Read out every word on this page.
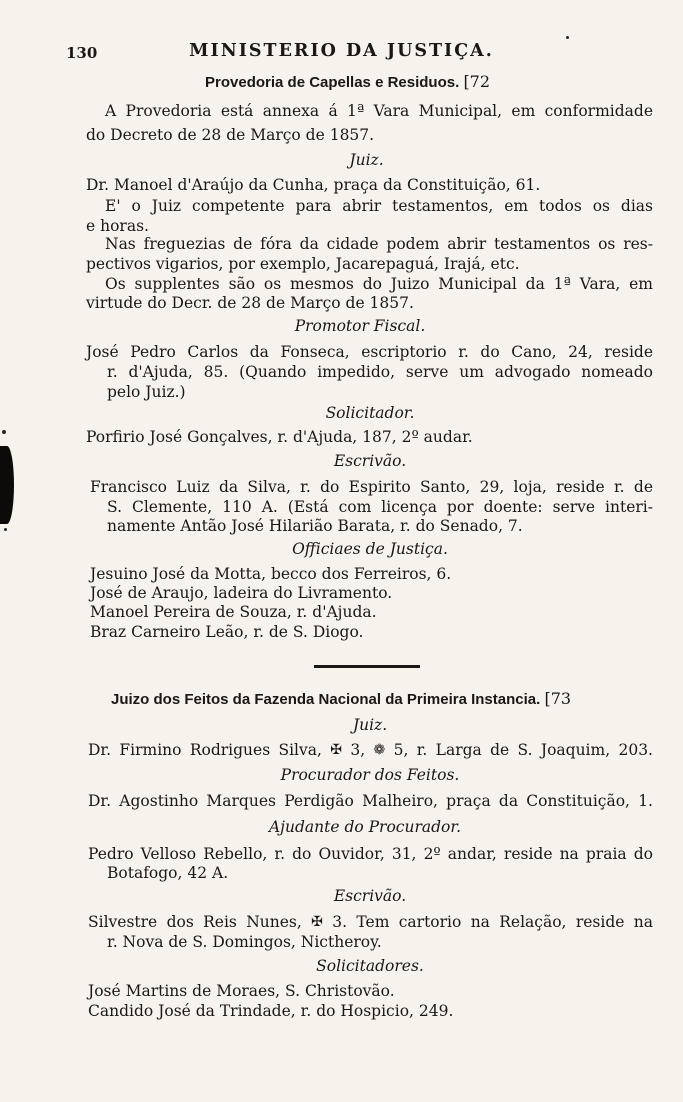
130	MINISTERIO DA JUSTIÇA.
Provedoria de Capellas e Residuos. [72
A Provedoria está annexa á 1ª Vara Municipal, em conformidade
do Decreto de 28 de Março de 1857.
Juiz.
Dr. Manoel d'Araújo da Cunha, praça da Constituição, 61.
E' o Juiz competente para abrir testamentos, em todos os dias
e horas.
Nas freguezias de fóra da cidade podem abrir testamentos os res-
pectivos vigarios, por exemplo, Jacarepaguá, Irajá, etc.
Os supplentes são os mesmos do Juizo Municipal da 1ª Vara, em
virtude do Decr. de 28 de Março de 1857.
Promotor Fiscal.
José Pedro Carlos da Fonseca, escriptorio r. do Cano, 24, reside
r. d'Ajuda, 85. (Quando impedido, serve um advogado nomeado
pelo Juiz.)
Solicitador.
Porfirio José Gonçalves, r. d'Ajuda, 187, 2º audar.
Escrivão.
Francisco Luiz da Silva, r. do Espirito Santo, 29, loja, reside r. de
S. Clemente, 110 A. (Está com licença por doente: serve interi-
namente Antão José Hilarião Barata, r. do Senado, 7.
Officiaes de Justiça.
Jesuino José da Motta, becco dos Ferreiros, 6.
José de Araujo, ladeira do Livramento.
Manoel Pereira de Souza, r. d'Ajuda.
Braz Carneiro Leão, r. de S. Diogo.
Juizo dos Feitos da Fazenda Nacional da Primeira Instancia. [73
Juiz.
Dr. Firmino Rodrigues Silva, ✠ 3, ❁ 5, r. Larga de S. Joaquim, 203.
Procurador dos Feitos.
Dr. Agostinho Marques Perdigão Malheiro, praça da Constituição, 1.
Ajudante do Procurador.
Pedro Velloso Rebello, r. do Ouvidor, 31, 2º andar, reside na praia do
Botafogo, 42 A.
Escrivão.
Silvestre dos Reis Nunes, ✠ 3. Tem cartorio na Relação, reside na
r. Nova de S. Domingos, Nictheroy.
Solicitadores.
José Martins de Moraes, S. Christovão.
Candido José da Trindade, r. do Hospicio, 249.
